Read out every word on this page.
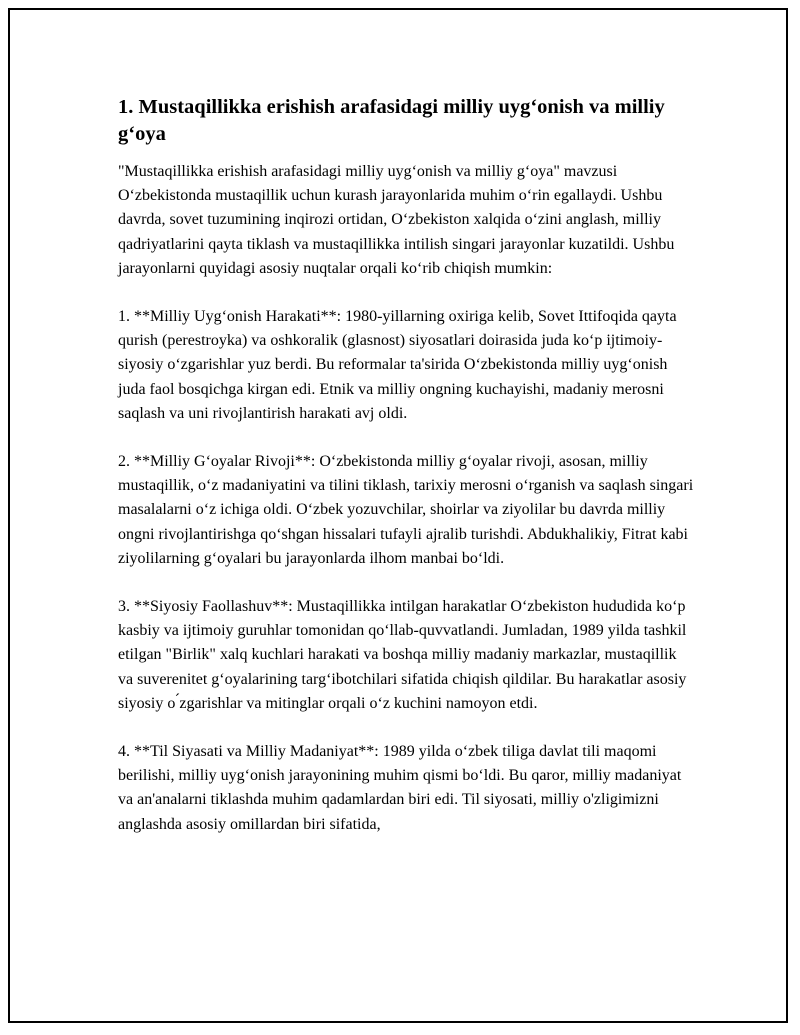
1. Mustaqillikka erishish arafasidagi milliy uyg‘onish va milliy g‘oya

"Mustaqillikka erishish arafasidagi milliy uyg‘onish va milliy g‘oya" mavzusi O‘zbekistonda mustaqillik uchun kurash jarayonlarida muhim o‘rin egallaydi. Ushbu davrda, sovet tuzumining inqirozi ortidan, O‘zbekiston xalqida o‘zini anglash, milliy qadriyatlarini qayta tiklash va mustaqillikka intilish singari jarayonlar kuzatildi. Ushbu jarayonlarni quyidagi asosiy nuqtalar orqali ko‘rib chiqish mumkin:

1. **Milliy Uyg‘onish Harakati**: 1980-yillarning oxiriga kelib, Sovet Ittifoqida qayta qurish (perestroyka) va oshkoralik (glasnost) siyosatlari doirasida juda ko‘p ijtimoiy-siyosiy o‘zgarishlar yuz berdi. Bu reformalar ta'sirida O‘zbekistonda milliy uyg‘onish juda faol bosqichga kirgan edi. Etnik va milliy ongning kuchayishi, madaniy merosni saqlash va uni rivojlantirish harakati avj oldi.

2. **Milliy G‘oyalar Rivoji**: O‘zbekistonda milliy g‘oyalar rivoji, asosan, milliy mustaqillik, o‘z madaniyatini va tilini tiklash, tarixiy merosni o‘rganish va saqlash singari masalalarni o‘z ichiga oldi. O‘zbek yozuvchilar, shoirlar va ziyolilar bu davrda milliy ongni rivojlantirishga qo‘shgan hissalari tufayli ajralib turishdi. Abdukhalikiy, Fitrat kabi ziyolilarning g‘oyalari bu jarayonlarda ilhom manbai bo‘ldi.

3. **Siyosiy Faollashuv**: Mustaqillikka intilgan harakatlar O‘zbekiston hududida ko‘p kasbiy va ijtimoiy guruhlar tomonidan qo‘llab-quvvatlandi. Jumladan, 1989 yilda tashkil etilgan "Birlik" xalq kuchlari harakati va boshqa milliy madaniy markazlar, mustaqillik va suverenitet g‘oyalarining targ‘ibotchilari sifatida chiqish qildilar. Bu harakatlar asosiy siyosiy o ́zgarishlar va mitinglar orqali o‘z kuchini namoyon etdi.

4. **Til Siyasati va Milliy Madaniyat**: 1989 yilda o‘zbek tiliga davlat tili maqomi berilishi, milliy uyg‘onish jarayonining muhim qismi bo‘ldi. Bu qaror, milliy madaniyat va an'analarni tiklashda muhim qadamlardan biri edi. Til siyosati, milliy o'zligimizni anglashda asosiy omillardan biri sifatida,
